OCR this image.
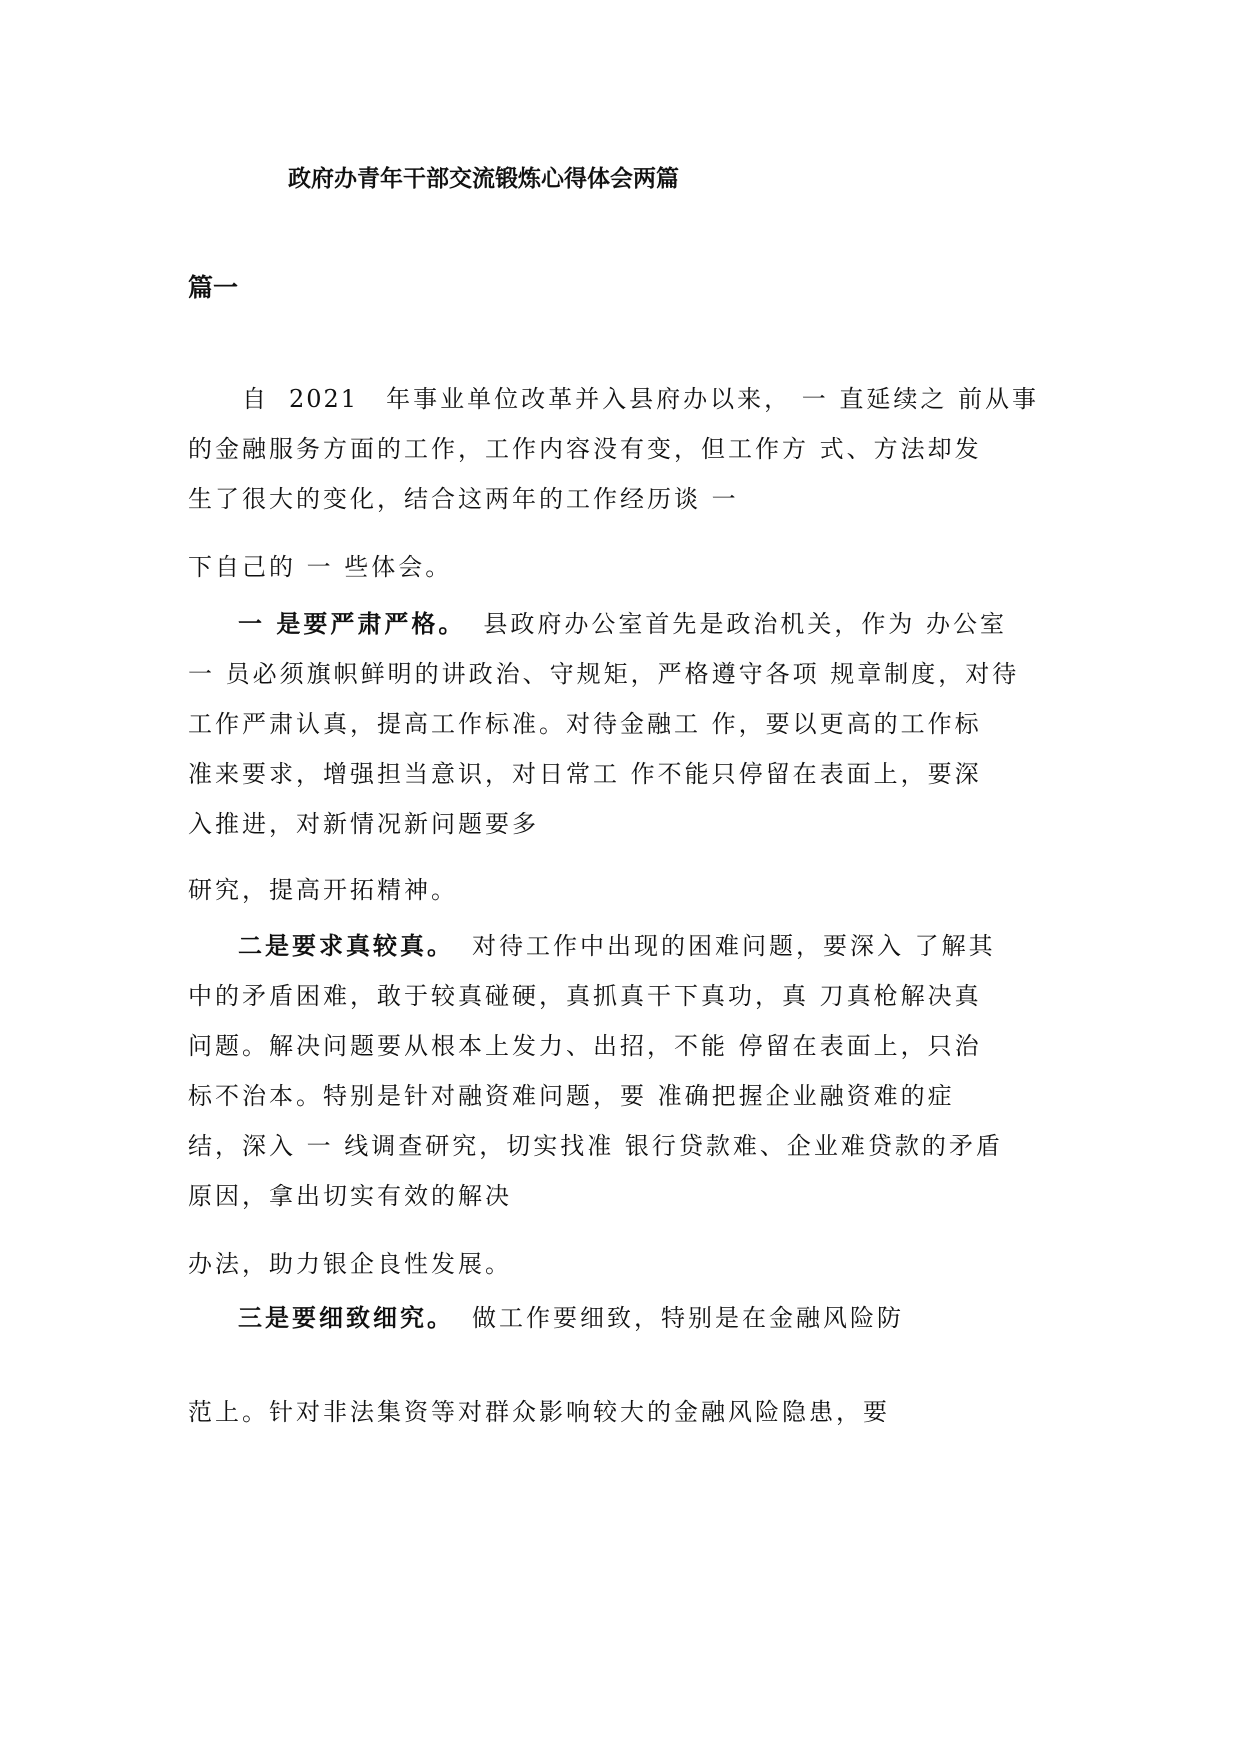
政府办青年干部交流锻炼心得体会两篇
篇一
自 2021 年事业单位改革并入县府办以来， 一 直延续之 前从事
的金融服务方面的工作，工作内容没有变，但工作方 式、方法却发
生了很大的变化，结合这两年的工作经历谈 一
下自己的 一 些体会。
一 是要严肃严格。 县政府办公室首先是政治机关，作为 办公室
一 员必须旗帜鲜明的讲政治、守规矩，严格遵守各项 规章制度，对待
工作严肃认真，提高工作标准。对待金融工 作，要以更高的工作标
准来要求，增强担当意识，对日常工 作不能只停留在表面上，要深
入推进，对新情况新问题要多
研究，提高开拓精神。
二是要求真较真。 对待工作中出现的困难问题，要深入 了解其
中的矛盾困难，敢于较真碰硬，真抓真干下真功，真 刀真枪解决真
问题。解决问题要从根本上发力、出招，不能 停留在表面上，只治
标不治本。特别是针对融资难问题，要 准确把握企业融资难的症
结，深入 一 线调查研究，切实找准 银行贷款难、企业难贷款的矛盾
原因，拿出切实有效的解决
办法，助力银企良性发展。
三是要细致细究。 做工作要细致，特别是在金融风险防
范上。针对非法集资等对群众影响较大的金融风险隐患，要
